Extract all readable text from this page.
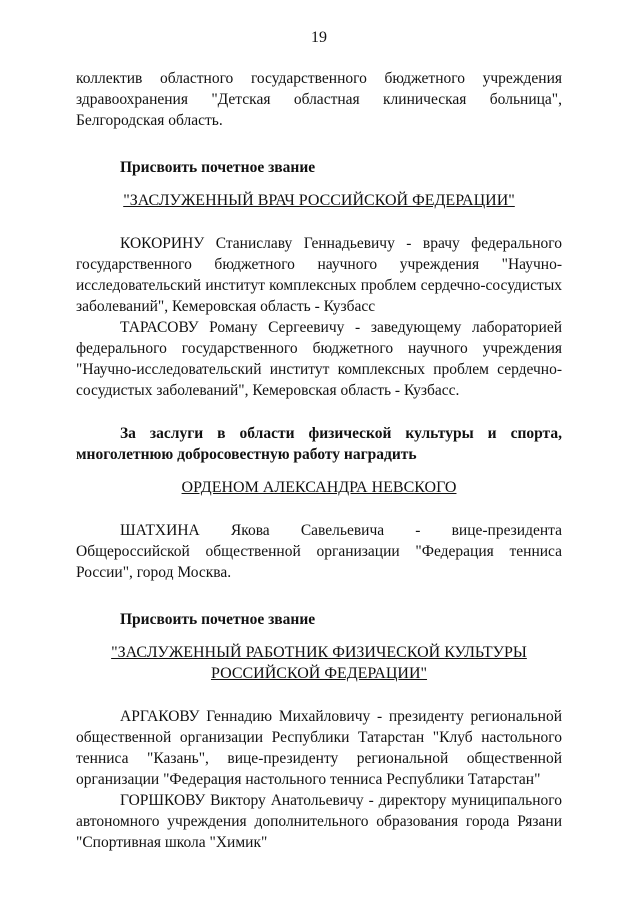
19

коллектив областного государственного бюджетного учреждения здравоохранения "Детская областная клиническая больница", Белгородская область.

Присвоить почетное звание

"ЗАСЛУЖЕННЫЙ ВРАЧ РОССИЙСКОЙ ФЕДЕРАЦИИ"

КОКОРИНУ Станиславу Геннадьевичу - врачу федерального государственного бюджетного научного учреждения "Научно-исследовательский институт комплексных проблем сердечно-сосудистых заболеваний", Кемеровская область - Кузбасс

ТАРАСОВУ Роману Сергеевичу - заведующему лабораторией федерального государственного бюджетного научного учреждения "Научно-исследовательский институт комплексных проблем сердечно-сосудистых заболеваний", Кемеровская область - Кузбасс.

За заслуги в области физической культуры и спорта, многолетнюю добросовестную работу наградить

ОРДЕНОМ АЛЕКСАНДРА НЕВСКОГО

ШАТХИНА Якова Савельевича - вице-президента Общероссийской общественной организации "Федерация тенниса России", город Москва.

Присвоить почетное звание

"ЗАСЛУЖЕННЫЙ РАБОТНИК ФИЗИЧЕСКОЙ КУЛЬТУРЫ

РОССИЙСКОЙ ФЕДЕРАЦИИ"

АРГАКОВУ Геннадию Михайловичу - президенту региональной общественной организации Республики Татарстан "Клуб настольного тенниса "Казань", вице-президенту региональной общественной организации "Федерация настольного тенниса Республики Татарстан"

ГОРШКОВУ Виктору Анатольевичу - директору муниципального автономного учреждения дополнительного образования города Рязани "Спортивная школа "Химик"
